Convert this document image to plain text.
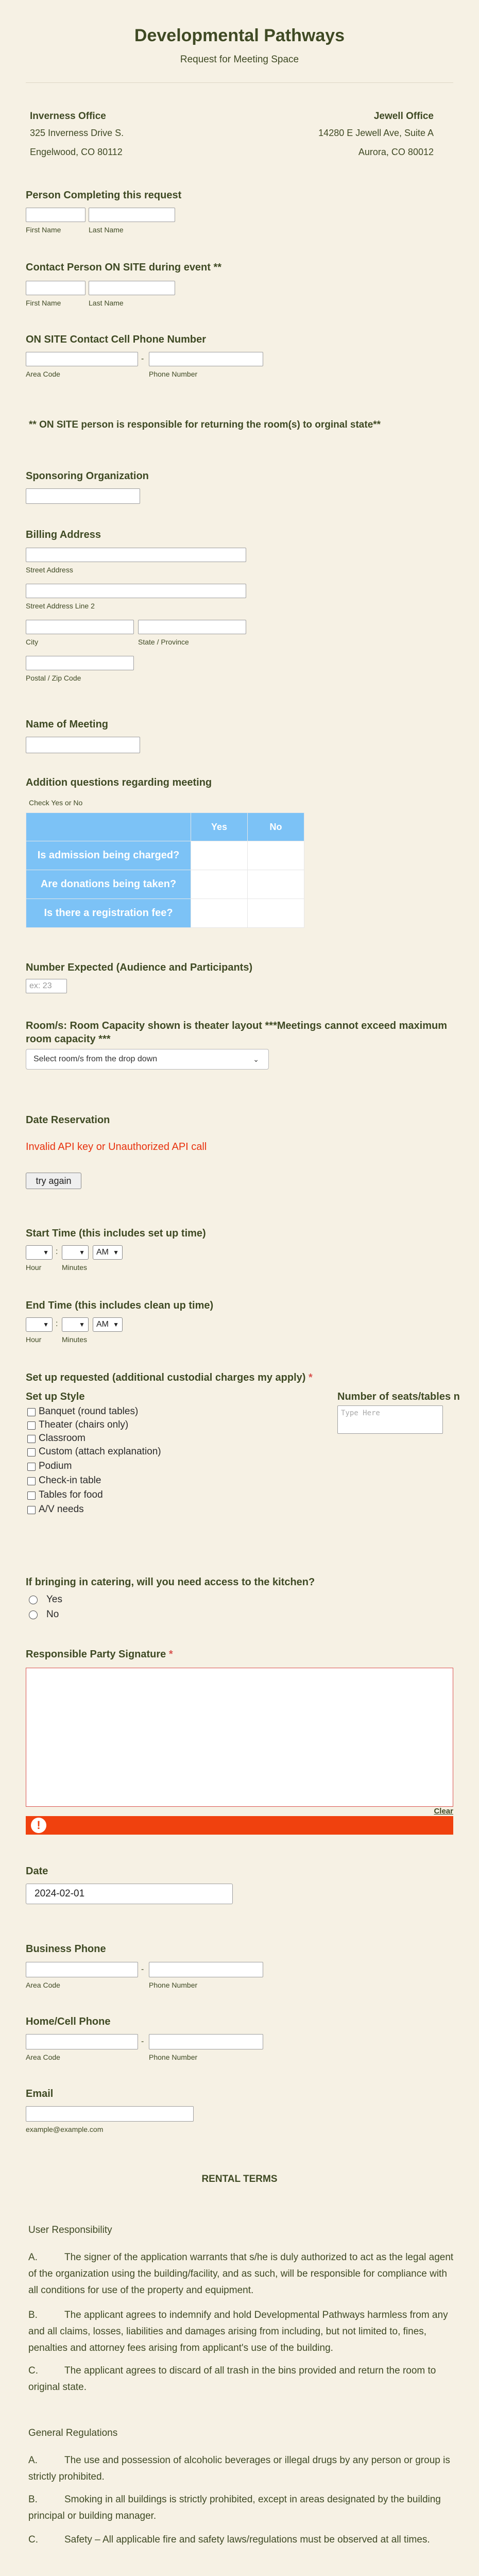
Developmental Pathways
Request for Meeting Space
Inverness Office
325 Inverness Drive S.
Engelwood, CO 80112
Jewell Office
14280 E Jewell Ave, Suite A
Aurora, CO 80012
Person Completing this request
First Name	Last Name
Contact Person ON SITE during event **
First Name	Last Name
ON SITE Contact Cell Phone Number
-
Area Code	Phone Number
** ON SITE person is responsible for returning the room(s) to orginal state**
Sponsoring Organization
Billing Address
Street Address
Street Address Line 2
City	State / Province
Postal / Zip Code
Name of Meeting
Addition questions regarding meeting
Check Yes or No
	Yes	No
Is admission being charged?		
Are donations being taken?		
Is there a registration fee?		
Number Expected (Audience and Participants)
ex: 23
Room/s: Room Capacity shown is theater layout ***Meetings cannot exceed maximum room capacity ***
Select room/s from the drop down	⌄
Date Reservation
Invalid API key or Unauthorized API call
try again
Start Time (this includes set up time)
▼ :	▼	AM ▼
Hour	Minutes
End Time (this includes clean up time)
▼ :	▼	AM ▼
Hour	Minutes
Set up requested (additional custodial charges my apply) *
Set up Style	Number of seats/tables n
Type Here
Banquet (round tables)
Theater (chairs only)
Classroom
Custom (attach explanation)
Podium
Check-in table
Tables for food
A/V needs
If bringing in catering, will you need access to the kitchen?
Yes
No
Responsible Party Signature *
Clear
!
Date
2024-02-01
Business Phone
-
Area Code	Phone Number
Home/Cell Phone
-
Area Code	Phone Number
Email
example@example.com
RENTAL TERMS
User Responsibility
A.	The signer of the application warrants that s/he is duly authorized to act as the legal agent of the organization using the building/facility, and as such, will be responsible for compliance with all conditions for use of the property and equipment.
B.	The applicant agrees to indemnify and hold Developmental Pathways harmless from any and all claims, losses, liabilities and damages arising from including, but not limited to, fines, penalties and attorney fees arising from applicant's use of the building.
C.	The applicant agrees to discard of all trash in the bins provided and return the room to original state.
General Regulations
A.	The use and possession of alcoholic beverages or illegal drugs by any person or group is strictly prohibited.
B.	Smoking in all buildings is strictly prohibited, except in areas designated by the building principal or building manager.
C.	Safety – All applicable fire and safety laws/regulations must be observed at all times.
